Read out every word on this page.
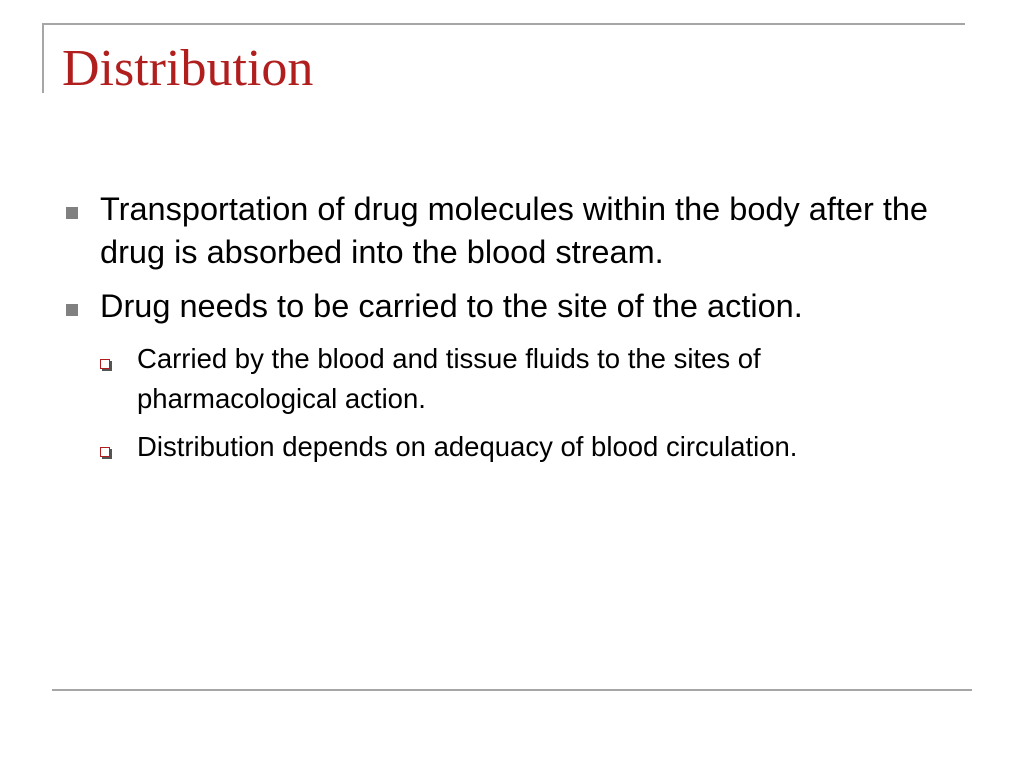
Distribution
Transportation of drug molecules within the body after the drug is absorbed into the blood stream.
Drug needs to be carried to the site of the action.
Carried by the blood and tissue fluids to the sites of pharmacological action.
Distribution depends on adequacy of blood circulation.
